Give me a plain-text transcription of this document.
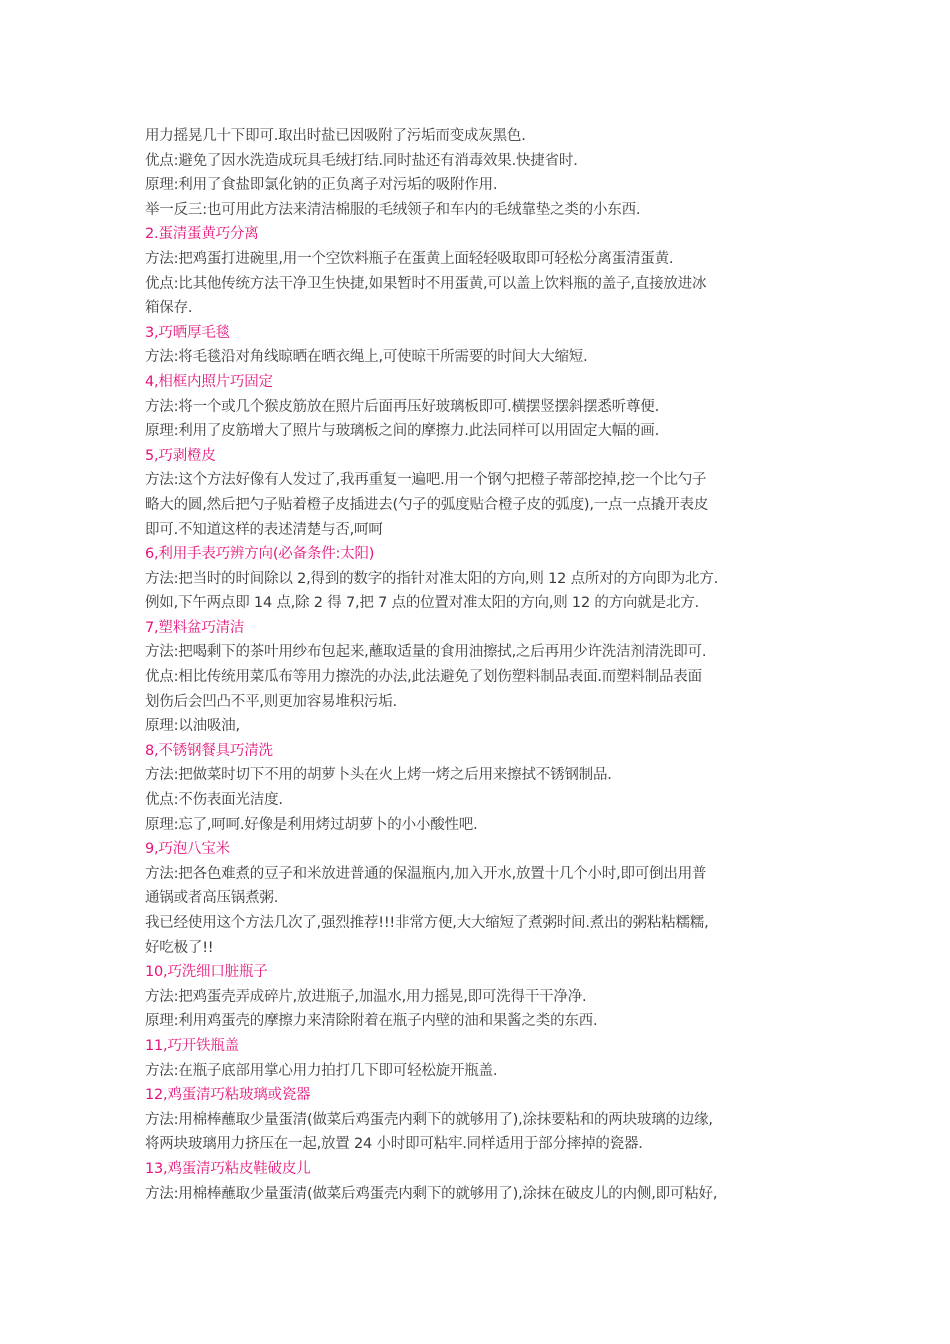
用力摇晃几十下即可.取出时盐已因吸附了污垢而变成灰黑色.
优点:避免了因水洗造成玩具毛绒打结.同时盐还有消毒效果.快捷省时.
原理:利用了食盐即氯化钠的正负离子对污垢的吸附作用.
举一反三:也可用此方法来清洁棉服的毛绒领子和车内的毛绒靠垫之类的小东西.
2.蛋清蛋黄巧分离
方法:把鸡蛋打进碗里,用一个空饮料瓶子在蛋黄上面轻轻吸取即可轻松分离蛋清蛋黄.
优点:比其他传统方法干净卫生快捷,如果暂时不用蛋黄,可以盖上饮料瓶的盖子,直接放进冰
箱保存.
3,巧晒厚毛毯
方法:将毛毯沿对角线晾晒在晒衣绳上,可使晾干所需要的时间大大缩短.
4,相框内照片巧固定
方法:将一个或几个猴皮筋放在照片后面再压好玻璃板即可.横摆竖摆斜摆悉听尊便.
原理:利用了皮筋增大了照片与玻璃板之间的摩擦力.此法同样可以用固定大幅的画.
5,巧剥橙皮
方法:这个方法好像有人发过了,我再重复一遍吧.用一个钢勺把橙子蒂部挖掉,挖一个比勺子
略大的圆,然后把勺子贴着橙子皮插进去(勺子的弧度贴合橙子皮的弧度),一点一点撬开表皮
即可.不知道这样的表述清楚与否,呵呵
6,利用手表巧辨方向(必备条件:太阳)
方法:把当时的时间除以 2,得到的数字的指针对准太阳的方向,则 12 点所对的方向即为北方.
例如,下午两点即 14 点,除 2 得 7,把 7 点的位置对准太阳的方向,则 12 的方向就是北方.
7,塑料盆巧清洁
方法:把喝剩下的茶叶用纱布包起来,蘸取适量的食用油擦拭,之后再用少许洗洁剂清洗即可.
优点:相比传统用菜瓜布等用力擦洗的办法,此法避免了划伤塑料制品表面.而塑料制品表面
划伤后会凹凸不平,则更加容易堆积污垢.
原理:以油吸油,
8,不锈钢餐具巧清洗
方法:把做菜时切下不用的胡萝卜头在火上烤一烤之后用来擦拭不锈钢制品.
优点:不伤表面光洁度.
原理:忘了,呵呵.好像是利用烤过胡萝卜的小小酸性吧.
9,巧泡八宝米
方法:把各色难煮的豆子和米放进普通的保温瓶内,加入开水,放置十几个小时,即可倒出用普
通锅或者高压锅煮粥.
我已经使用这个方法几次了,强烈推荐!!!非常方便,大大缩短了煮粥时间.煮出的粥粘粘糯糯,
好吃极了!!
10,巧洗细口脏瓶子
方法:把鸡蛋壳弄成碎片,放进瓶子,加温水,用力摇晃,即可洗得干干净净.
原理:利用鸡蛋壳的摩擦力来清除附着在瓶子内壁的油和果酱之类的东西.
11,巧开铁瓶盖
方法:在瓶子底部用掌心用力拍打几下即可轻松旋开瓶盖.
12,鸡蛋清巧粘玻璃或瓷器
方法:用棉棒蘸取少量蛋清(做菜后鸡蛋壳内剩下的就够用了),涂抹要粘和的两块玻璃的边缘,
将两块玻璃用力挤压在一起,放置 24 小时即可粘牢.同样适用于部分摔掉的瓷器.
13,鸡蛋清巧粘皮鞋破皮儿
方法:用棉棒蘸取少量蛋清(做菜后鸡蛋壳内剩下的就够用了),涂抹在破皮儿的内侧,即可粘好,
